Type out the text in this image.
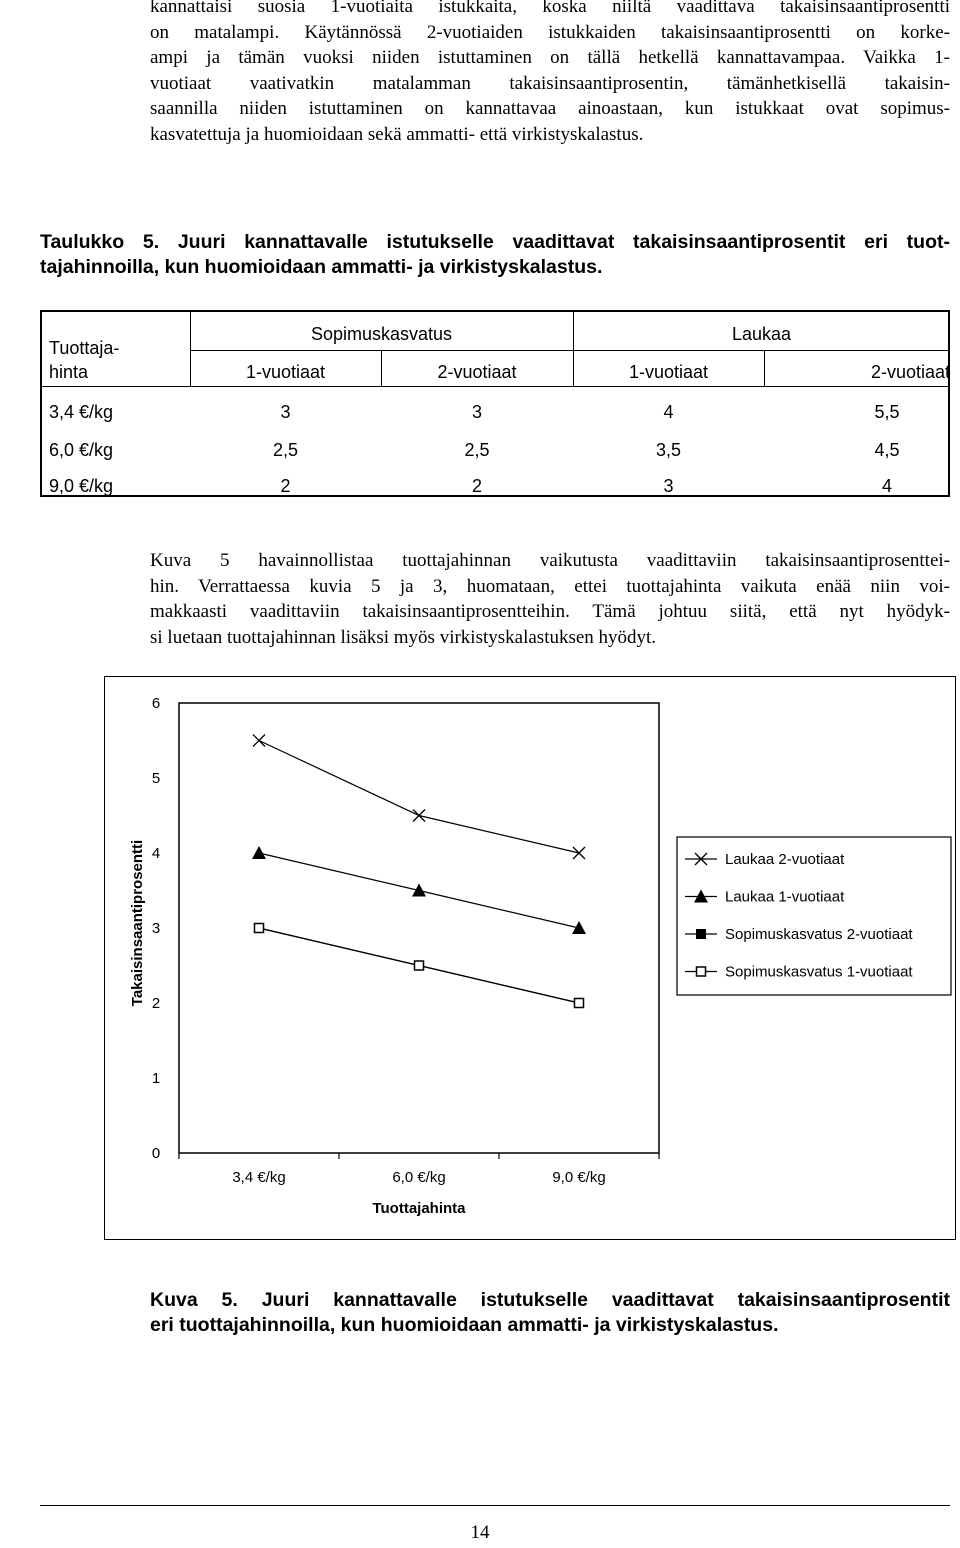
kannattaisi suosia 1-vuotiaita istukkaita, koska niiltä vaadittava takaisinsaantiprosentti
on matalampi. Käytännössä 2-vuotiaiden istukkaiden takaisinsaantiprosentti on korke-
ampi ja tämän vuoksi niiden istuttaminen on tällä hetkellä kannattavampaa. Vaikka 1-
vuotiaat vaativatkin matalamman takaisinsaantiprosentin, tämänhetkisellä takaisin-
saannilla niiden istuttaminen on kannattavaa ainoastaan, kun istukkaat ovat sopimus-
kasvatettuja ja huomioidaan sekä ammatti- että virkistyskalastus.
Taulukko 5. Juuri kannattavalle istutukselle vaadittavat takaisinsaantiprosentit eri tuot-
tajahinnoilla, kun huomioidaan ammatti- ja virkistyskalastus.
Tuottaja-
hinta
Sopimuskasvatus	Laukaa
1-vuotiaat	2-vuotiaat	1-vuotiaat	2-vuotiaat
3,4 €/kg	3	3	4	5,5
6,0 €/kg	2,5	2,5	3,5	4,5
9,0 €/kg	2	2	3	4
Kuva 5 havainnollistaa tuottajahinnan vaikutusta vaadittaviin takaisinsaantiprosenttei-
hin. Verrattaessa kuvia 5 ja 3, huomataan, ettei tuottajahinta vaikuta enää niin voi-
makkaasti vaadittaviin takaisinsaantiprosentteihin. Tämä johtuu siitä, että nyt hyödyk-
si luetaan tuottajahinnan lisäksi myös virkistyskalastuksen hyödyt.
0
1
2
3
4
5
6
3,4 €/kg	6,0 €/kg	9,0 €/kg
Laukaa 2-vuotiaat
Laukaa 1-vuotiaat
Sopimuskasvatus 2-vuotiaat
Sopimuskasvatus 1-vuotiaat
Takaisinsaantiprosentti
Tuottajahinta
Kuva 5. Juuri kannattavalle istutukselle vaadittavat takaisinsaantiprosentit
eri tuottajahinnoilla, kun huomioidaan ammatti- ja virkistyskalastus.
14
